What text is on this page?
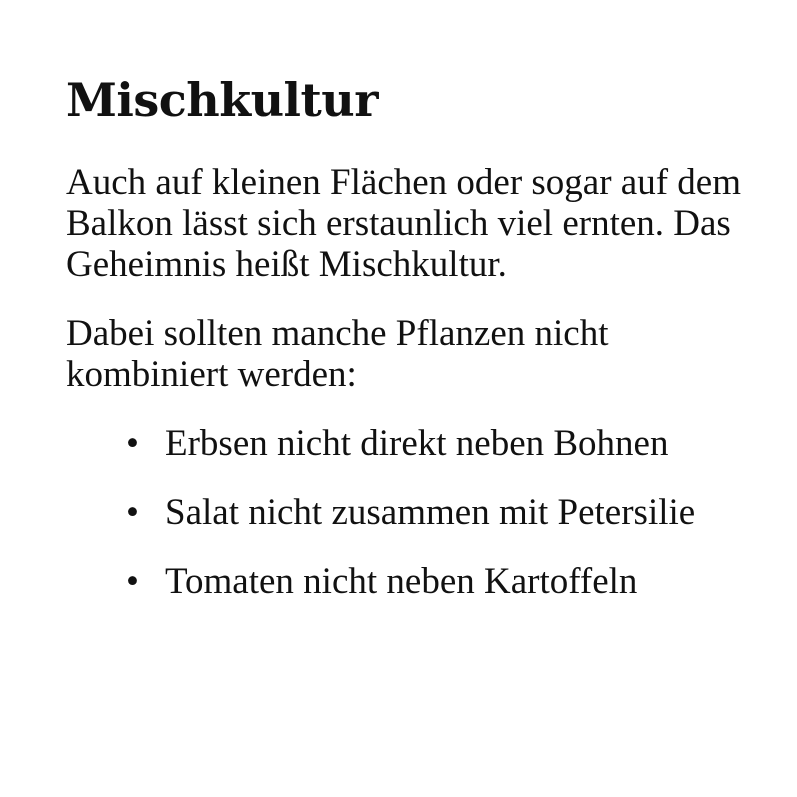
Mischkultur

Auch auf kleinen Flächen oder sogar auf dem Balkon lässt sich erstaunlich viel ernten. Das Geheimnis heißt Mischkultur.

Dabei sollten manche Pflanzen nicht kombiniert werden:

• Erbsen nicht direkt neben Bohnen
• Salat nicht zusammen mit Petersilie
• Tomaten nicht neben Kartoffeln
